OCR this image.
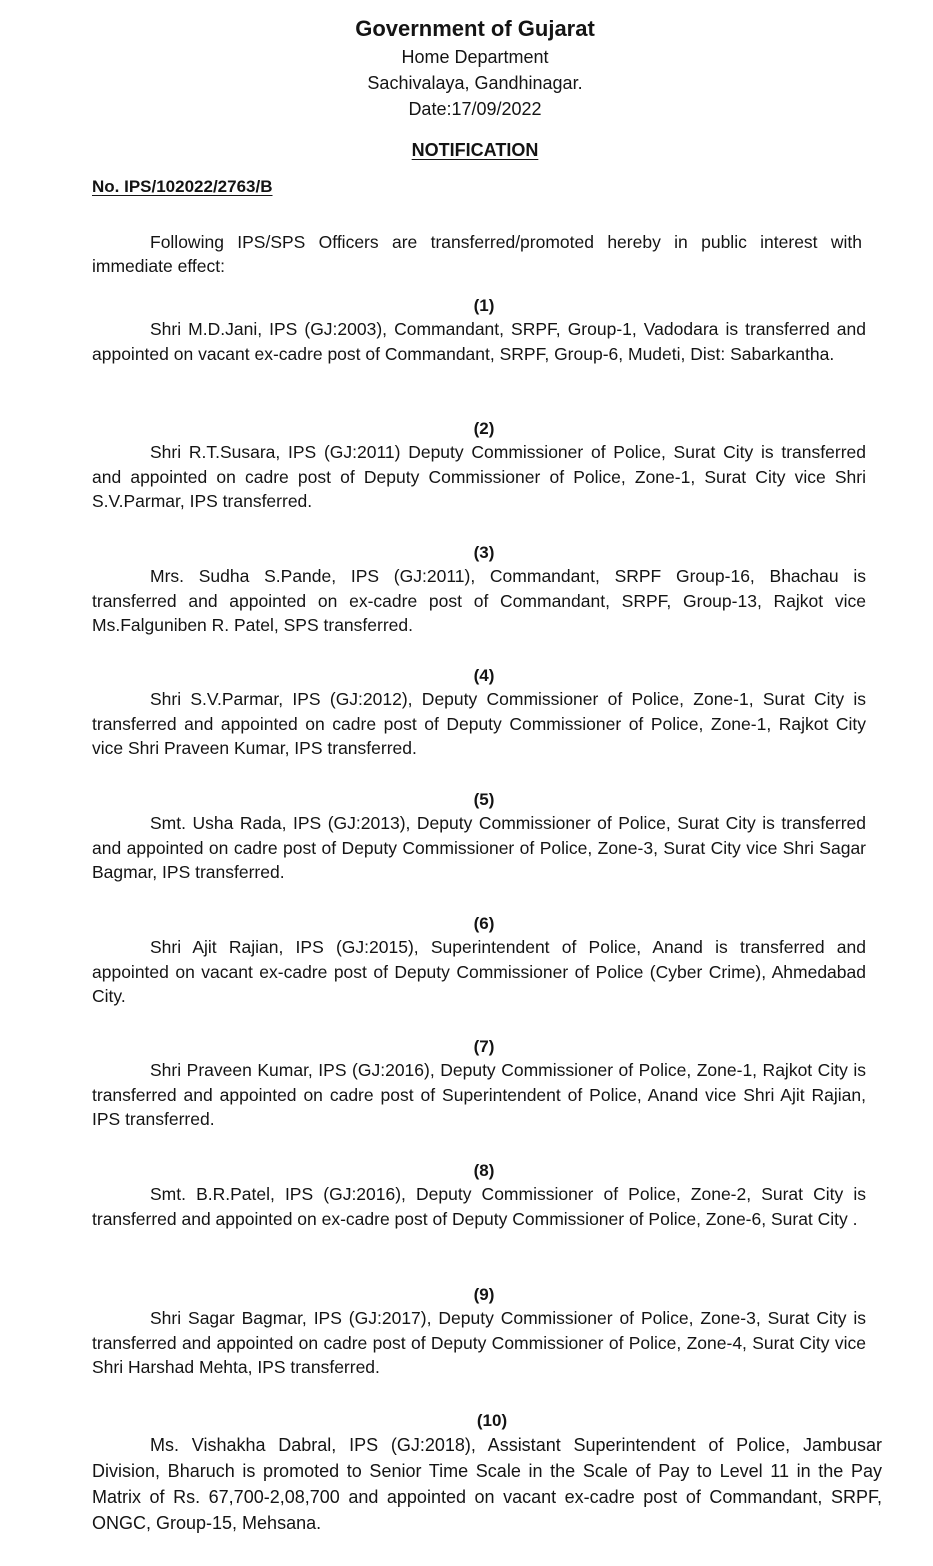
Government of Gujarat
Home Department
Sachivalaya, Gandhinagar.
Date:17/09/2022
NOTIFICATION
No. IPS/102022/2763/B
Following IPS/SPS Officers are transferred/promoted hereby in public interest with immediate effect:
(1)
Shri M.D.Jani, IPS (GJ:2003), Commandant, SRPF, Group-1, Vadodara is transferred and appointed on vacant ex-cadre post of Commandant, SRPF, Group-6, Mudeti, Dist: Sabarkantha.
(2)
Shri R.T.Susara, IPS (GJ:2011) Deputy Commissioner of Police, Surat City is transferred and appointed on cadre post of Deputy Commissioner of Police, Zone-1, Surat City vice Shri S.V.Parmar, IPS transferred.
(3)
Mrs. Sudha S.Pande, IPS (GJ:2011), Commandant, SRPF Group-16, Bhachau is transferred and appointed on ex-cadre post of Commandant, SRPF, Group-13, Rajkot vice Ms.Falguniben R. Patel, SPS transferred.
(4)
Shri S.V.Parmar, IPS (GJ:2012), Deputy Commissioner of Police, Zone-1, Surat City is transferred and appointed on cadre post of Deputy Commissioner of Police, Zone-1, Rajkot City vice Shri Praveen Kumar, IPS transferred.
(5)
Smt. Usha Rada, IPS (GJ:2013), Deputy Commissioner of Police, Surat City is transferred and appointed on cadre post of Deputy Commissioner of Police, Zone-3, Surat City vice Shri Sagar Bagmar, IPS transferred.
(6)
Shri Ajit Rajian, IPS (GJ:2015), Superintendent of Police, Anand is transferred and appointed on vacant ex-cadre post of Deputy Commissioner of Police (Cyber Crime), Ahmedabad City.
(7)
Shri Praveen Kumar, IPS (GJ:2016), Deputy Commissioner of Police, Zone-1, Rajkot City is transferred and appointed on cadre post of Superintendent of Police, Anand vice Shri Ajit Rajian, IPS transferred.
(8)
Smt. B.R.Patel, IPS (GJ:2016), Deputy Commissioner of Police, Zone-2, Surat City is transferred and appointed on ex-cadre post of Deputy Commissioner of Police, Zone-6, Surat City .
(9)
Shri Sagar Bagmar, IPS (GJ:2017), Deputy Commissioner of Police, Zone-3, Surat City is transferred and appointed on cadre post of Deputy Commissioner of Police, Zone-4, Surat City vice Shri Harshad Mehta, IPS transferred.
(10)
Ms. Vishakha Dabral, IPS (GJ:2018), Assistant Superintendent of Police, Jambusar Division, Bharuch is promoted to Senior Time Scale in the Scale of Pay to Level 11 in the Pay Matrix of Rs. 67,700-2,08,700 and appointed on vacant ex-cadre post of Commandant, SRPF, ONGC, Group-15, Mehsana.
